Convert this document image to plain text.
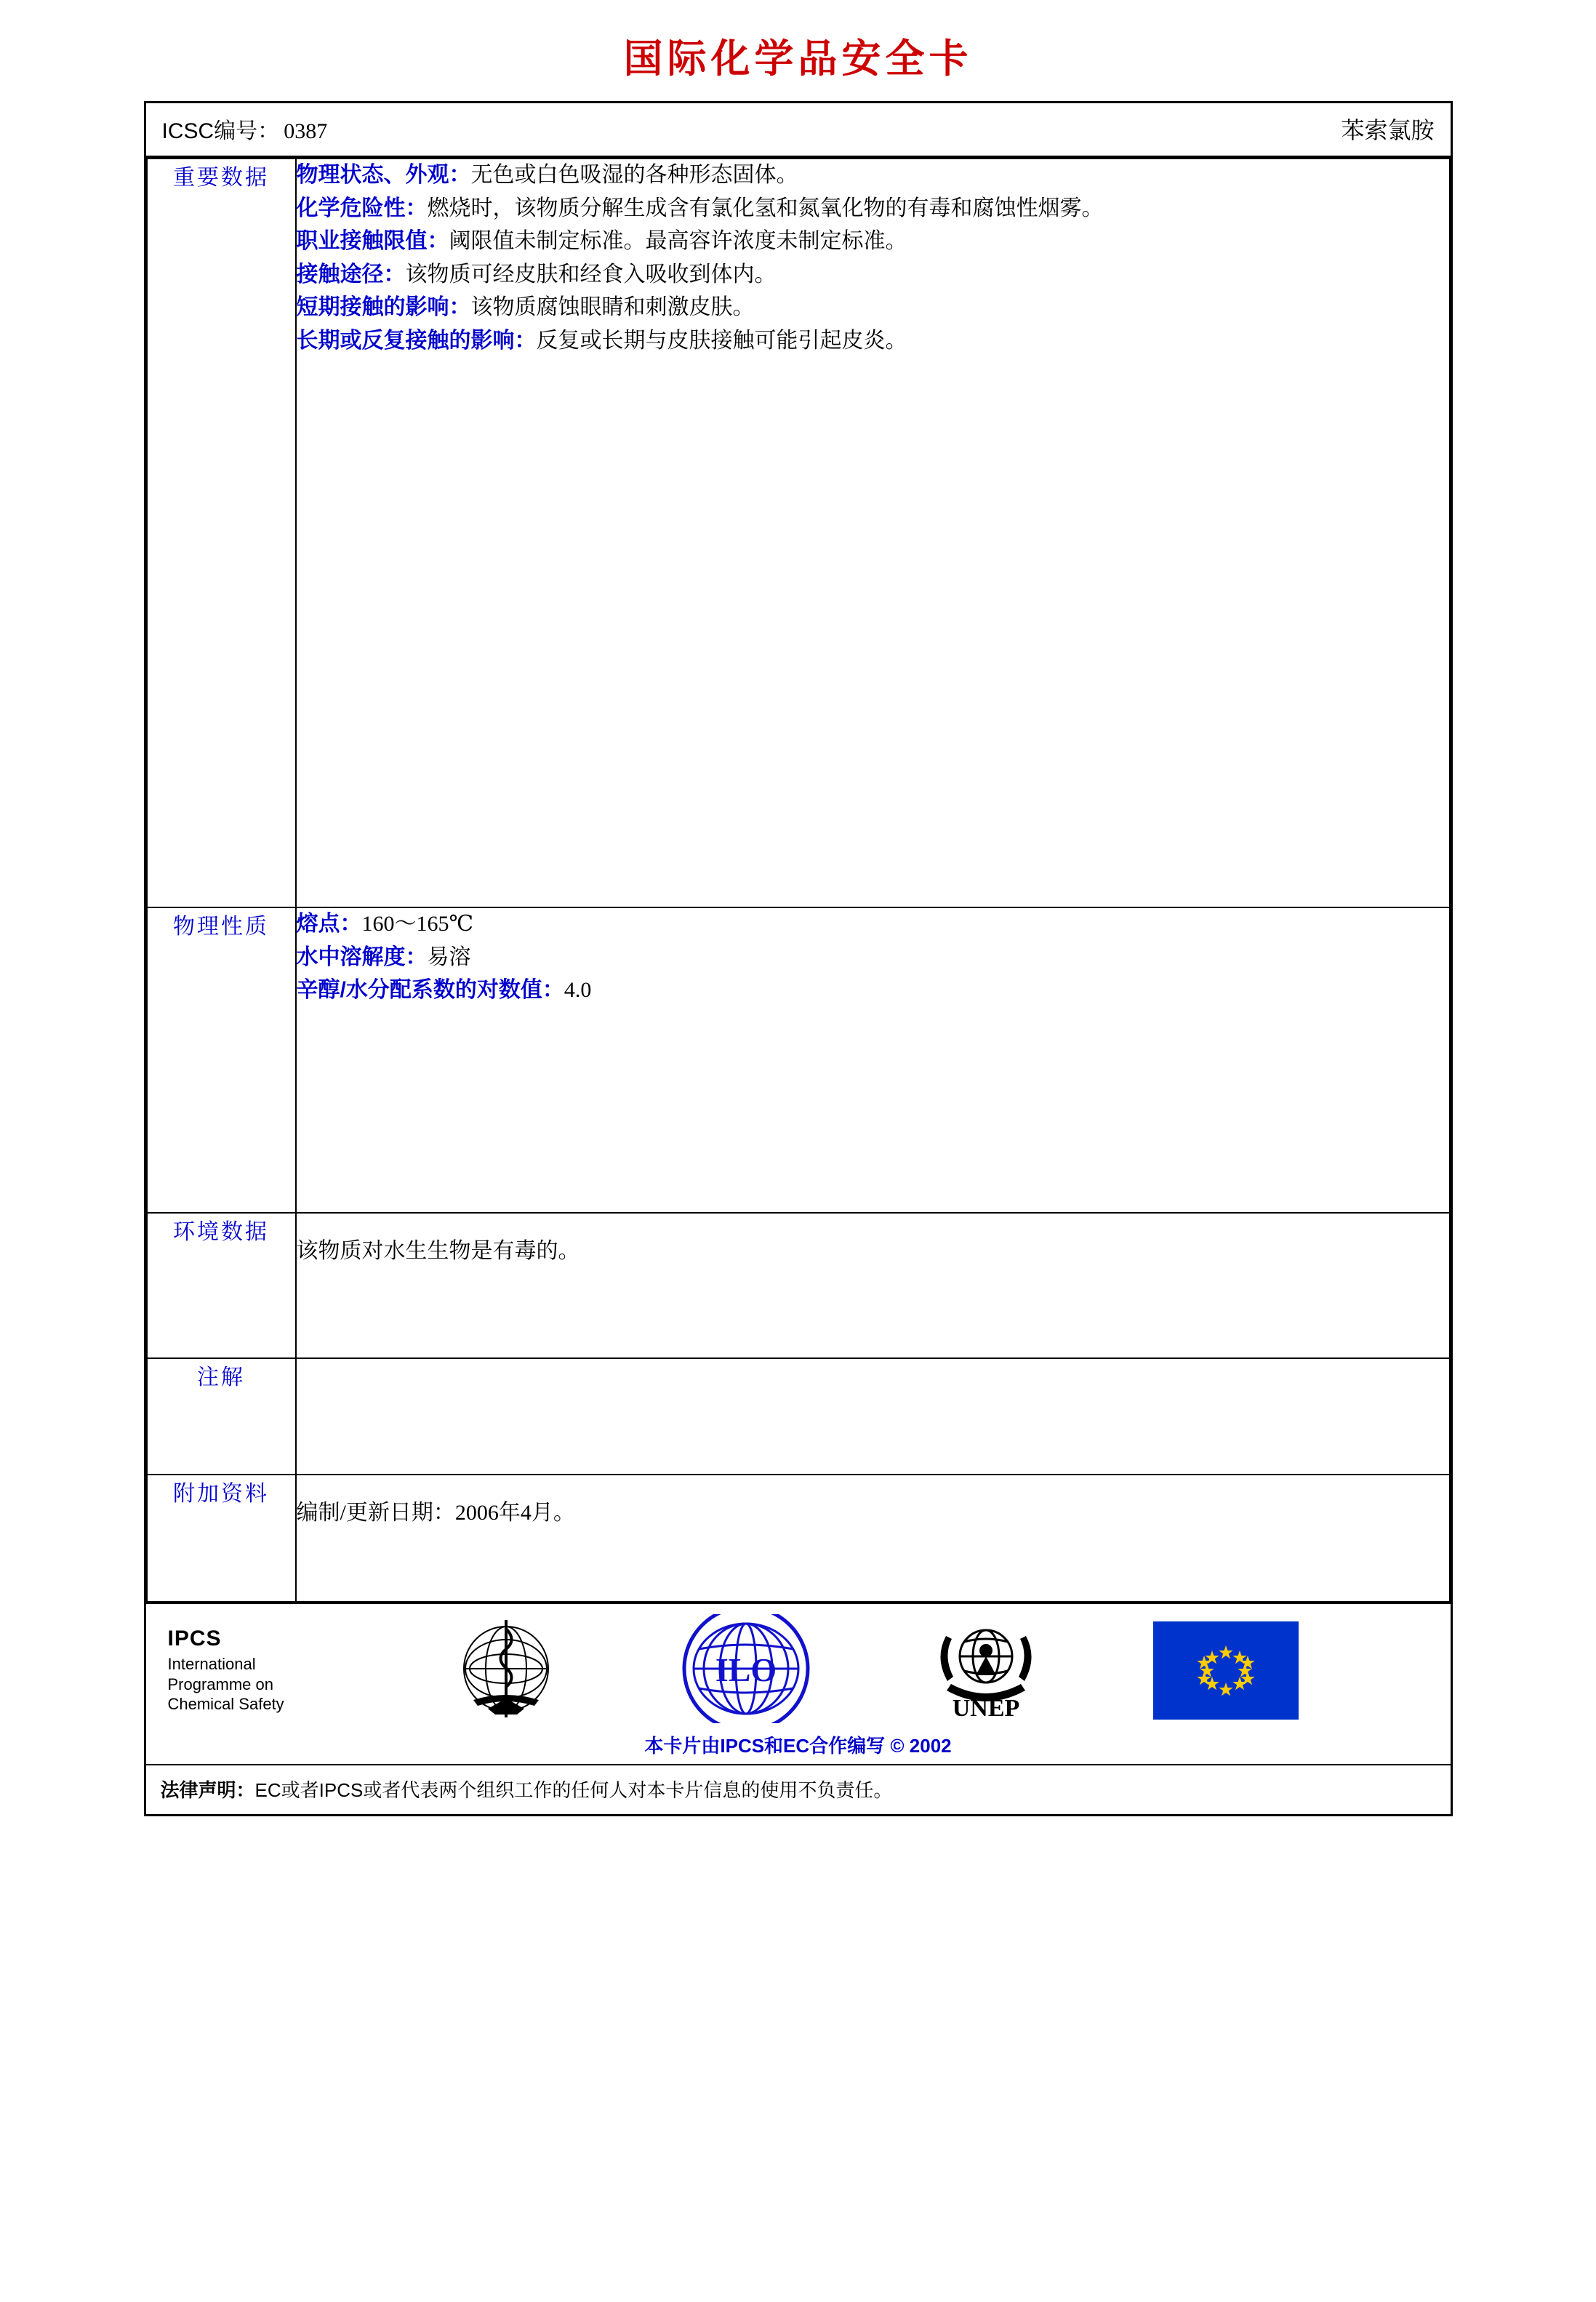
国际化学品安全卡
ICSC编号： 0387	苯索氯胺
重要数据	物理状态、外观：无色或白色吸湿的各种形态固体。

化学危险性：燃烧时，该物质分解生成含有氯化氢和氮氧化物的有毒和腐蚀性烟雾。

职业接触限值：阈限值未制定标准。最高容许浓度未制定标准。

接触途径：该物质可经皮肤和经食入吸收到体内。

短期接触的影响：该物质腐蚀眼睛和刺激皮肤。

长期或反复接触的影响：反复或长期与皮肤接触可能引起皮炎。

物理性质	熔点：160～165℃

水中溶解度：易溶

辛醇/水分配系数的对数值：4.0

环境数据	该物质对水生生物是有毒的。

注解	

附加资料	编制/更新日期：2006年4月。

IPCS
International
Programme on
Chemical Safety
ILO
UNEP
本卡片由IPCS和EC合作编写 © 2002
法律声明：EC或者IPCS或者代表两个组织工作的任何人对本卡片信息的使用不负责任。
